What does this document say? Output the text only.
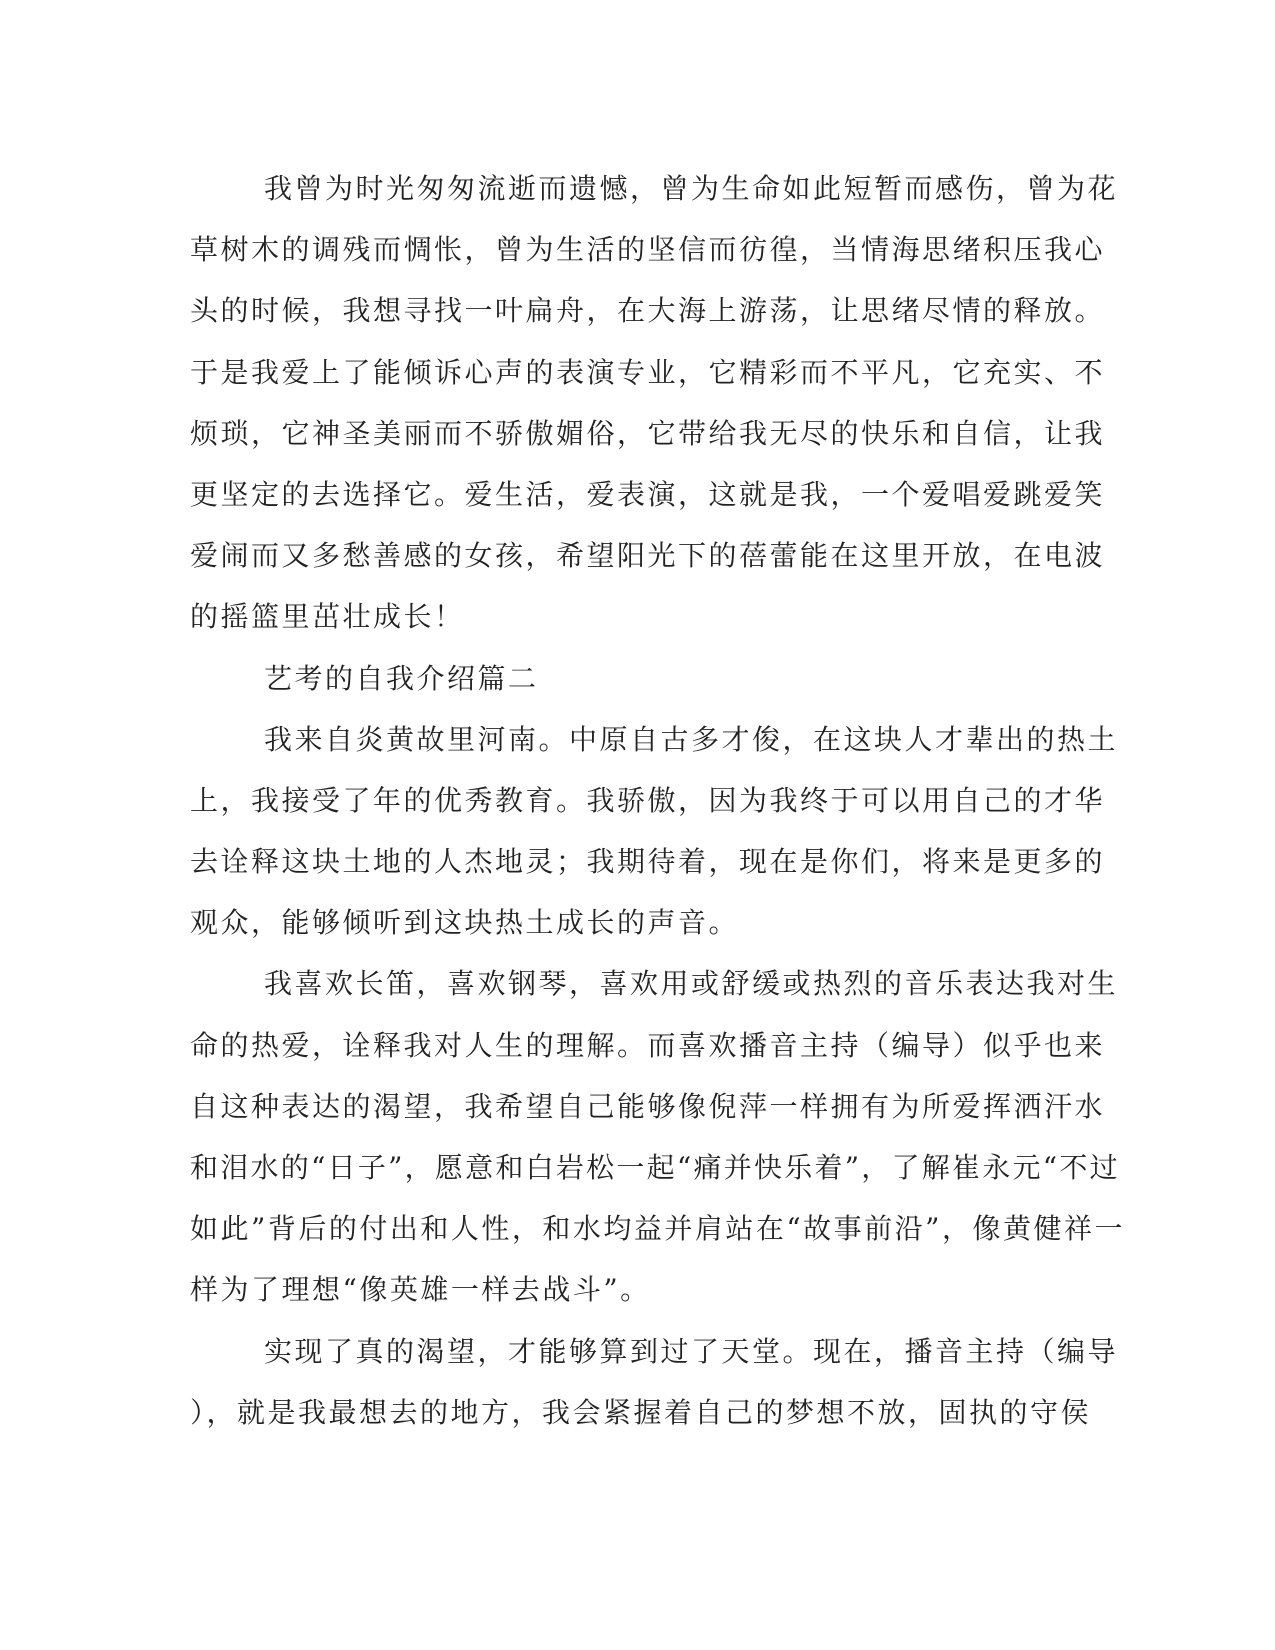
我曾为时光匆匆流逝而遗憾，曾为生命如此短暂而感伤，曾为花
草树木的调残而惆怅，曾为生活的坚信而彷徨，当情海思绪积压我心
头的时候，我想寻找一叶扁舟，在大海上游荡，让思绪尽情的释放。
于是我爱上了能倾诉心声的表演专业，它精彩而不平凡，它充实、不
烦琐，它神圣美丽而不骄傲媚俗，它带给我无尽的快乐和自信，让我
更坚定的去选择它。爱生活，爱表演，这就是我，一个爱唱爱跳爱笑
爱闹而又多愁善感的女孩，希望阳光下的蓓蕾能在这里开放，在电波
的摇篮里茁壮成长！
艺考的自我介绍篇二
我来自炎黄故里河南。中原自古多才俊，在这块人才辈出的热土
上，我接受了年的优秀教育。我骄傲，因为我终于可以用自己的才华
去诠释这块土地的人杰地灵；我期待着，现在是你们，将来是更多的
观众，能够倾听到这块热土成长的声音。
我喜欢长笛，喜欢钢琴，喜欢用或舒缓或热烈的音乐表达我对生
命的热爱，诠释我对人生的理解。而喜欢播音主持（编导）似乎也来
自这种表达的渴望，我希望自己能够像倪萍一样拥有为所爱挥洒汗水
和泪水的“日子”，愿意和白岩松一起“痛并快乐着”，了解崔永元“不过
如此”背后的付出和人性，和水均益并肩站在“故事前沿”，像黄健祥一
样为了理想“像英雄一样去战斗”。
实现了真的渴望，才能够算到过了天堂。现在，播音主持（编导
），就是我最想去的地方，我会紧握着自己的梦想不放，固执的守侯
